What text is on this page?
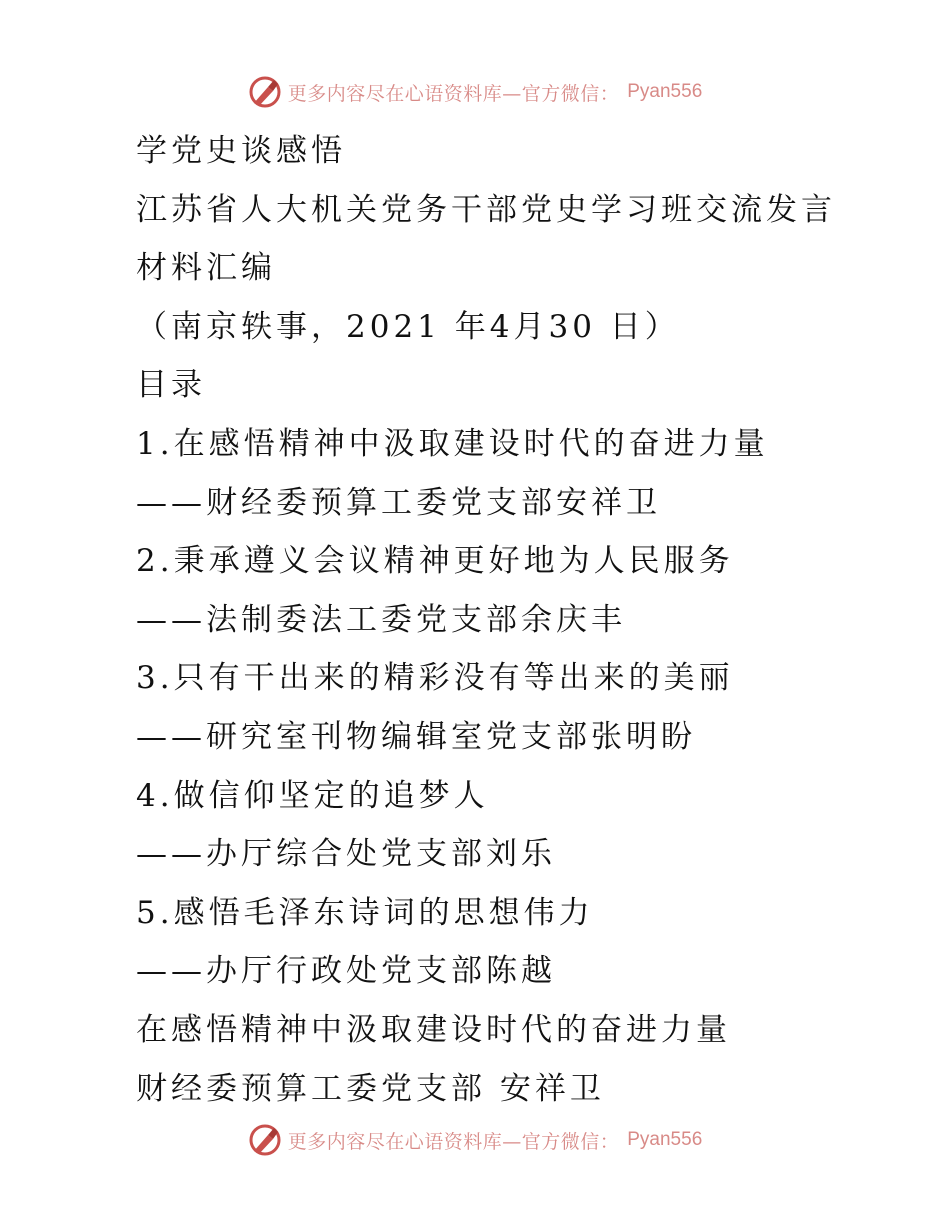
更多内容尽在心语资料库—官方微信： Pyan556

学党史谈感悟

江苏省人大机关党务干部党史学习班交流发言材料汇编

（南京轶事，2021 年4月30 日）

目录

1.在感悟精神中汲取建设时代的奋进力量

——财经委预算工委党支部安祥卫

2.秉承遵义会议精神更好地为人民服务

——法制委法工委党支部余庆丰

3.只有干出来的精彩没有等出来的美丽

——研究室刊物编辑室党支部张明盼

4.做信仰坚定的追梦人

——办厅综合处党支部刘乐

5.感悟毛泽东诗词的思想伟力

——办厅行政处党支部陈越

在感悟精神中汲取建设时代的奋进力量

财经委预算工委党支部 安祥卫

更多内容尽在心语资料库—官方微信： Pyan556
